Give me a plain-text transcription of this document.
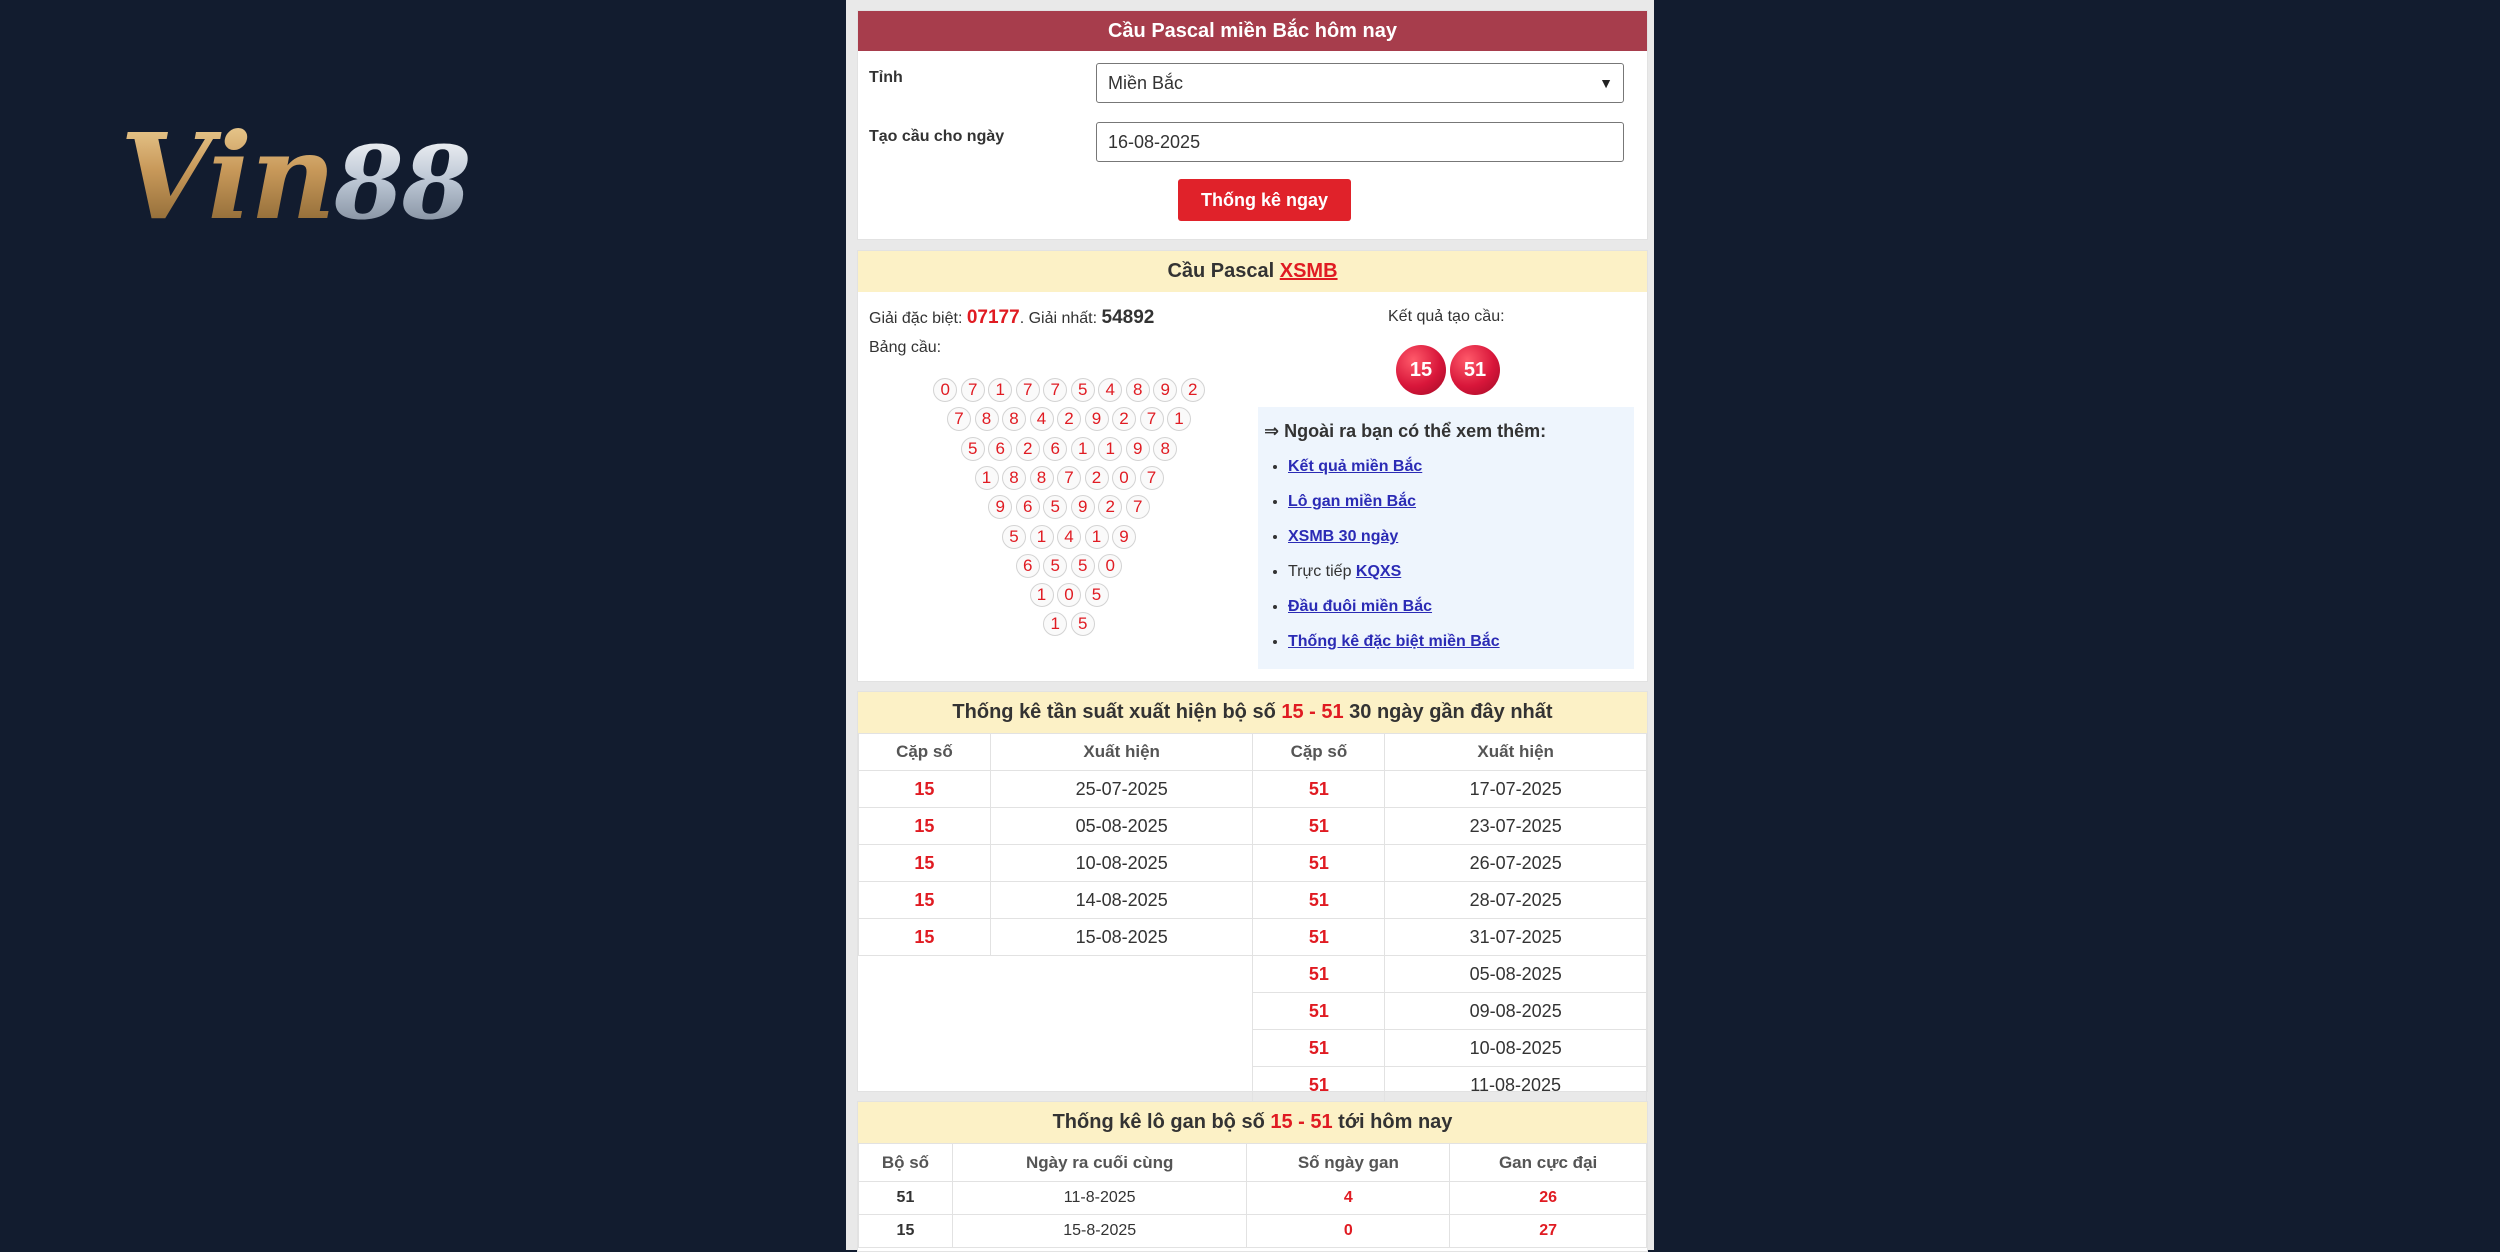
Vin88
Cầu Pascal miền Bắc hôm nay
Tỉnh	Miền Bắc	▼
Tạo cầu cho ngày	16-08-2025
Thống kê ngay
Cầu Pascal XSMB
Giải đặc biệt: 07177. Giải nhất: 54892
Bảng cầu:
0	7	1	7	7	5	4	8	9	2
7	8	8	4	2	9	2	7	1
5	6	2	6	1	1	9	8
1	8	8	7	2	0	7
9	6	5	9	2	7
5	1	4	1	9
6	5	5	0
1	0	5
1	5
Kết quả tạo cầu:
15	51
⇒ Ngoài ra bạn có thể xem thêm:
• Kết quả miền Bắc
• Lô gan miền Bắc
• XSMB 30 ngày
• Trực tiếp KQXS
• Đầu đuôi miền Bắc
• Thống kê đặc biệt miền Bắc
Thống kê tần suất xuất hiện bộ số 15 - 51 30 ngày gần đây nhất
Cặp số	Xuất hiện	Cặp số	Xuất hiện
15	25-07-2025	51	17-07-2025
15	05-08-2025	51	23-07-2025
15	10-08-2025	51	26-07-2025
15	14-08-2025	51	28-07-2025
15	15-08-2025	51	31-07-2025
		51	05-08-2025
		51	09-08-2025
		51	10-08-2025
		51	11-08-2025
Thống kê lô gan bộ số 15 - 51 tới hôm nay
Bộ số	Ngày ra cuối cùng	Số ngày gan	Gan cực đại
51	11-8-2025	4	26
15	15-8-2025	0	27
